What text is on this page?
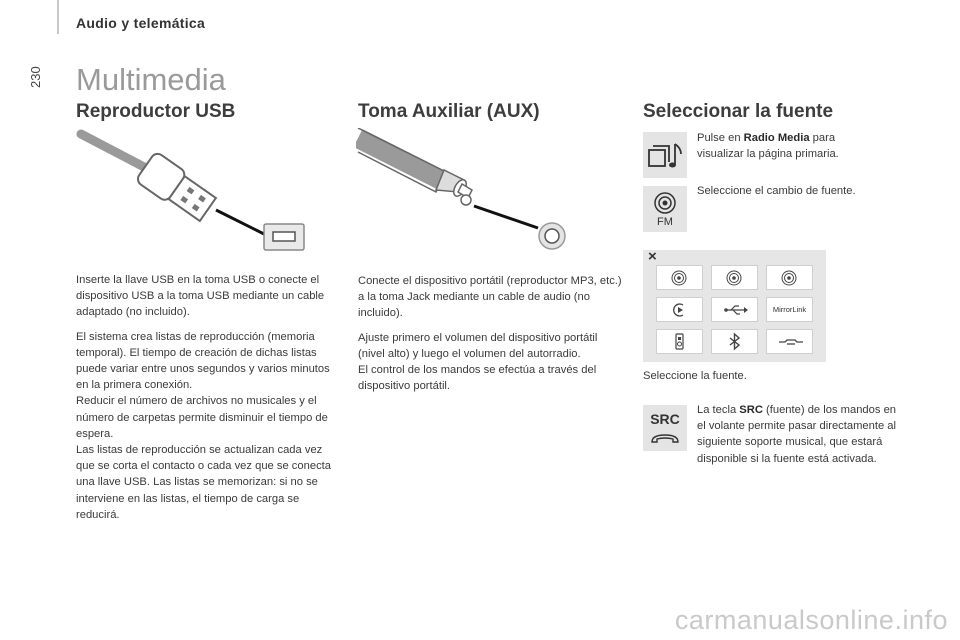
Audio y telemática
230 Multimedia
Reproductor USB

Inserte la llave USB en la toma USB o conecte el dispositivo USB a la toma USB mediante un cable adaptado (no incluido).

El sistema crea listas de reproducción (memoria temporal). El tiempo de creación de dichas listas puede variar entre unos segundos y varios minutos en la primera conexión.

Reducir el número de archivos no musicales y el número de carpetas permite disminuir el tiempo de espera.

Las listas de reproducción se actualizan cada vez que se corta el contacto o cada vez que se conecta una llave USB. Las listas se memorizan: si no se interviene en las listas, el tiempo de carga se reducirá.

Toma Auxiliar (AUX)

Conecte el dispositivo portátil (reproductor MP3, etc.) a la toma Jack mediante un cable de audio (no incluido).

Ajuste primero el volumen del dispositivo portátil (nivel alto) y luego el volumen del autorradio.

El control de los mandos se efectúa a través del dispositivo portátil.

Seleccionar la fuente
Pulse en Radio Media para visualizar la página primaria.
FM
Seleccione el cambio de fuente.
×
MirrorLink
Seleccione la fuente.
SRC
La tecla SRC (fuente) de los mandos en el volante permite pasar directamente al siguiente soporte musical, que estará disponible si la fuente está activada.
carmanualsonline.info
